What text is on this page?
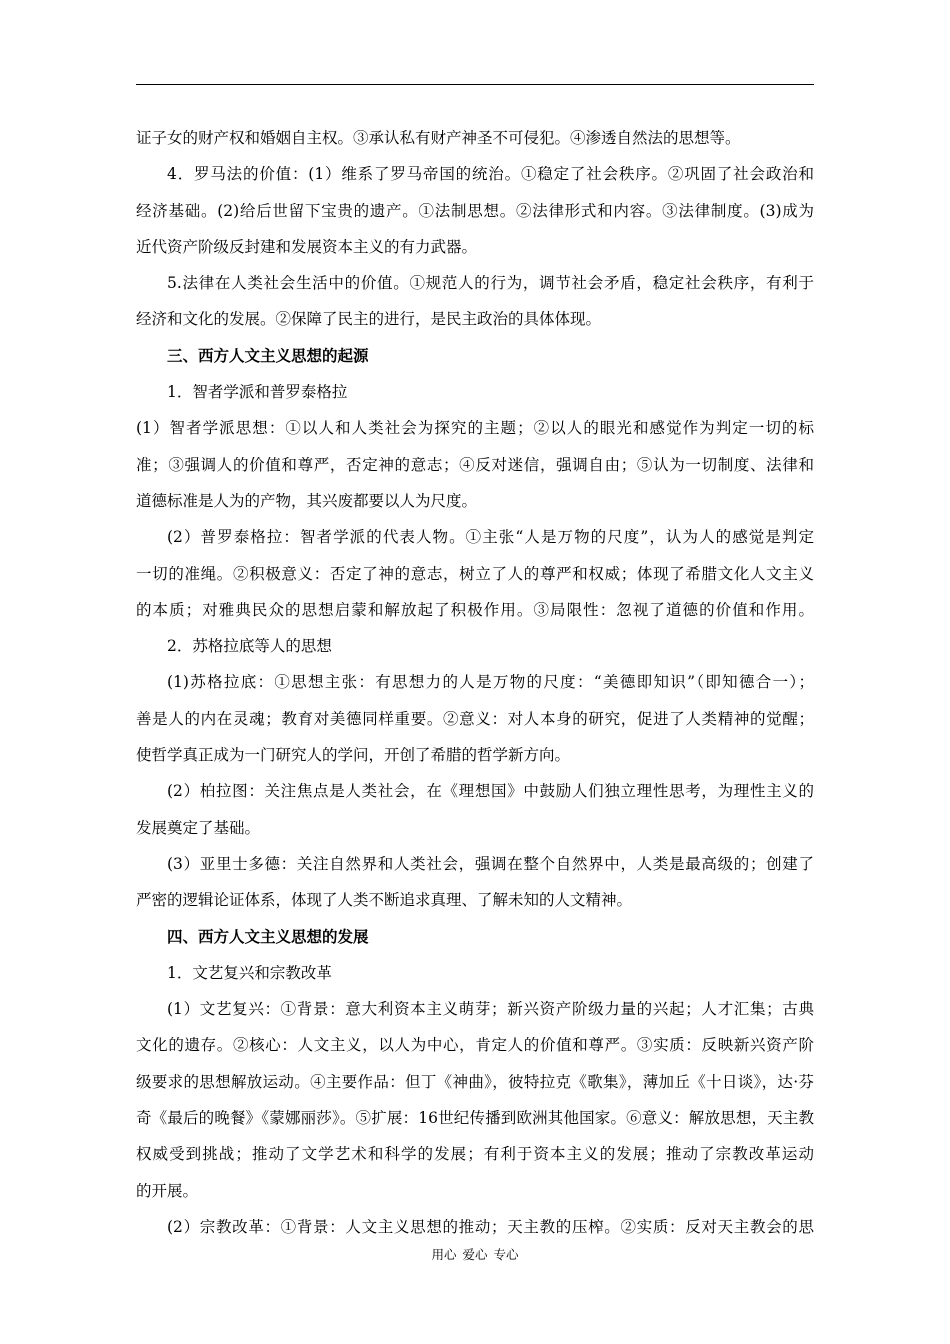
证子女的财产权和婚姻自主权。③承认私有财产神圣不可侵犯。④渗透自然法的思想等。
4．罗马法的价值：(1）维系了罗马帝国的统治。①稳定了社会秩序。②巩固了社会政治和
经济基础。(2)给后世留下宝贵的遗产。①法制思想。②法律形式和内容。③法律制度。(3)成为
近代资产阶级反封建和发展资本主义的有力武器。
5.法律在人类社会生活中的价值。①规范人的行为，调节社会矛盾，稳定社会秩序，有利于
经济和文化的发展。②保障了民主的进行，是民主政治的具体体现。
三、西方人文主义思想的起源
1．智者学派和普罗泰格拉
(1）智者学派思想：①以人和人类社会为探究的主题；②以人的眼光和感觉作为判定一切的标
准；③强调人的价值和尊严，否定神的意志；④反对迷信，强调自由；⑤认为一切制度、法律和
道德标准是人为的产物，其兴废都要以人为尺度。
(2）普罗泰格拉：智者学派的代表人物。①主张“人是万物的尺度”，认为人的感觉是判定
一切的准绳。②积极意义：否定了神的意志，树立了人的尊严和权威；体现了希腊文化人文主义
的本质；对雅典民众的思想启蒙和解放起了积极作用。③局限性：忽视了道德的价值和作用。
2．苏格拉底等人的思想
(1)苏格拉底：①思想主张：有思想力的人是万物的尺度：“美德即知识”（即知德合一）；
善是人的内在灵魂；教育对美德同样重要。②意义：对人本身的研究，促进了人类精神的觉醒；
使哲学真正成为一门研究人的学问，开创了希腊的哲学新方向。
(2）柏拉图：关注焦点是人类社会，在《理想国》中鼓励人们独立理性思考，为理性主义的
发展奠定了基础。
(3）亚里士多德：关注自然界和人类社会，强调在整个自然界中，人类是最高级的；创建了
严密的逻辑论证体系，体现了人类不断追求真理、了解未知的人文精神。
四、西方人文主义思想的发展
1．文艺复兴和宗教改革
(1）文艺复兴：①背景：意大利资本主义萌芽；新兴资产阶级力量的兴起；人才汇集；古典
文化的遗存。②核心：人文主义，以人为中心，肯定人的价值和尊严。③实质：反映新兴资产阶
级要求的思想解放运动。④主要作品：但丁《神曲》，彼特拉克《歌集》，薄加丘《十日谈》，达·芬
奇《最后的晚餐》《蒙娜丽莎》。⑤扩展：16世纪传播到欧洲其他国家。⑥意义：解放思想，天主教
权威受到挑战；推动了文学艺术和科学的发展；有利于资本主义的发展；推动了宗教改革运动
的开展。
(2）宗教改革：①背景：人文主义思想的推动；天主教的压榨。②实质：反对天主教会的思
用心 爱心 专心
